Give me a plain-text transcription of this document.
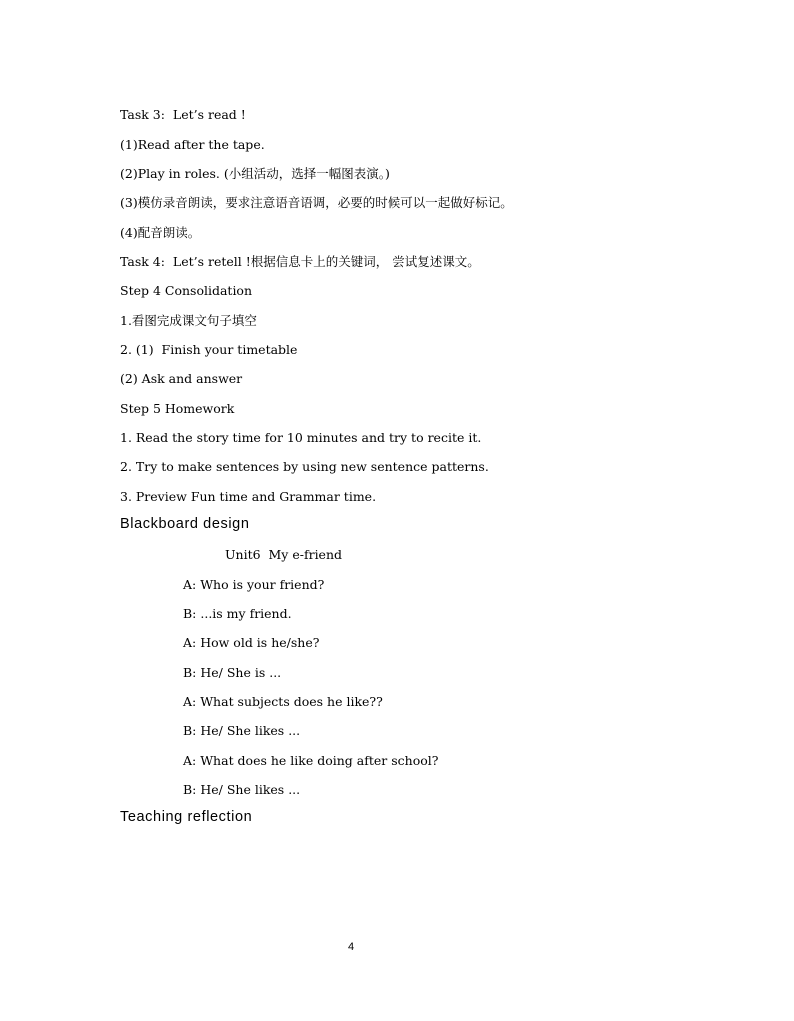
Task 3:  Let’s read !
(1)Read after the tape.
(2)Play in roles. (小组活动，选择一幅图表演。)
(3)模仿录音朗读，要求注意语音语调，必要的时候可以一起做好标记。
(4)配音朗读。
Task 4:  Let’s retell !根据信息卡上的关键词， 尝试复述课文。
Step 4 Consolidation
1.看图完成课文句子填空
2. (1)  Finish your timetable
(2) Ask and answer
Step 5 Homework
1. Read the story time for 10 minutes and try to recite it.
2. Try to make sentences by using new sentence patterns.
3. Preview Fun time and Grammar time.
Blackboard design
Unit6  My e-friend
A: Who is your friend?
B: ...is my friend.
A: How old is he/she?
B: He/ She is ...
A: What subjects does he like??
B: He/ She likes ...
A: What does he like doing after school?
B: He/ She likes ...
Teaching reflection
4
